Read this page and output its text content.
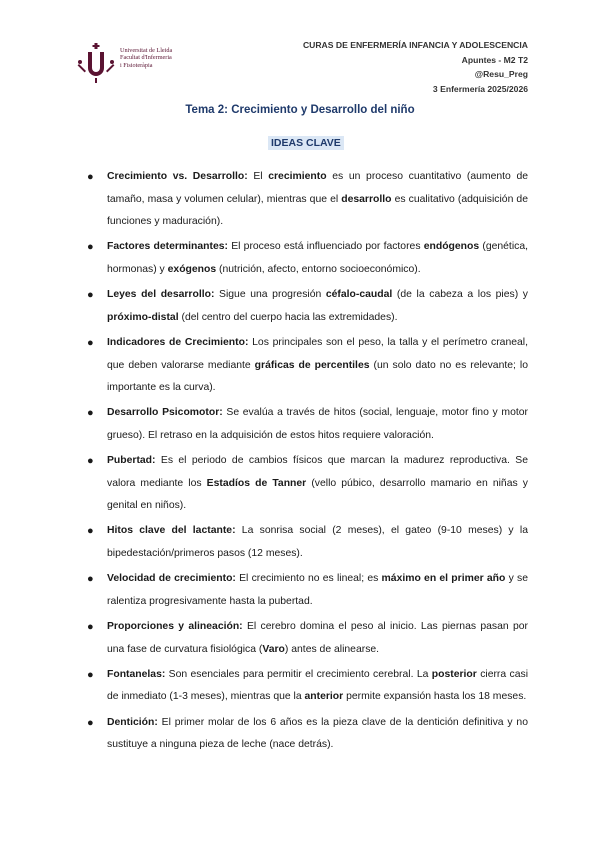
Universitat de Lleida
Facultat d'Infermeria
i Fisioteràpia
CURAS DE ENFERMERÍA INFANCIA Y ADOLESCENCIA
Apuntes - M2 T2
@Resu_Preg
3 Enfermería 2025/2026
Tema 2: Crecimiento y Desarrollo del niño
IDEAS CLAVE
● Crecimiento vs. Desarrollo: El crecimiento es un proceso cuantitativo (aumento de tamaño, masa y volumen celular), mientras que el desarrollo es cualitativo (adquisición de funciones y maduración).
● Factores determinantes: El proceso está influenciado por factores endógenos (genética, hormonas) y exógenos (nutrición, afecto, entorno socioeconómico).
● Leyes del desarrollo: Sigue una progresión céfalo-caudal (de la cabeza a los pies) y próximo-distal (del centro del cuerpo hacia las extremidades).
● Indicadores de Crecimiento: Los principales son el peso, la talla y el perímetro craneal, que deben valorarse mediante gráficas de percentiles (un solo dato no es relevante; lo importante es la curva).
● Desarrollo Psicomotor: Se evalúa a través de hitos (social, lenguaje, motor fino y motor grueso). El retraso en la adquisición de estos hitos requiere valoración.
● Pubertad: Es el periodo de cambios físicos que marcan la madurez reproductiva. Se valora mediante los Estadíos de Tanner (vello púbico, desarrollo mamario en niñas y genital en niños).
● Hitos clave del lactante: La sonrisa social (2 meses), el gateo (9-10 meses) y la bipedestación/primeros pasos (12 meses).
● Velocidad de crecimiento: El crecimiento no es lineal; es máximo en el primer año y se ralentiza progresivamente hasta la pubertad.
● Proporciones y alineación: El cerebro domina el peso al inicio. Las piernas pasan por una fase de curvatura fisiológica (Varo) antes de alinearse.
● Fontanelas: Son esenciales para permitir el crecimiento cerebral. La posterior cierra casi de inmediato (1-3 meses), mientras que la anterior permite expansión hasta los 18 meses.
● Dentición: El primer molar de los 6 años es la pieza clave de la dentición definitiva y no sustituye a ninguna pieza de leche (nace detrás).
